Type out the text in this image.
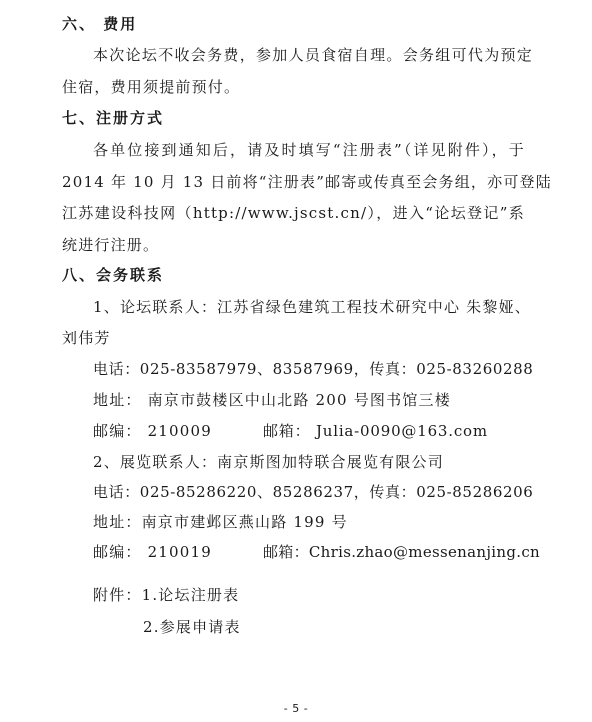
六、 费用
本次论坛不收会务费，参加人员食宿自理。会务组可代为预定
住宿，费用须提前预付。
七、注册方式
各单位接到通知后，请及时填写“注册表”（详见附件），于
2014 年 10 月 13 日前将“注册表”邮寄或传真至会务组，亦可登陆
江苏建设科技网（http://www.jscst.cn/），进入“论坛登记”系
统进行注册。
八、会务联系
1、论坛联系人：江苏省绿色建筑工程技术研究中心 朱黎娅、
刘伟芳
电话：025-83587979、83587969，传真：025-83260288
地址： 南京市鼓楼区中山北路 200 号图书馆三楼
邮编： 210009	邮箱： Julia-0090@163.com
2、展览联系人：南京斯图加特联合展览有限公司
电话：025-85286220、85286237，传真：025-85286206
地址：南京市建邺区燕山路 199 号
邮编： 210019	邮箱：Chris.zhao@messenanjing.cn
附件：1.论坛注册表
2.参展申请表
- 5 -
